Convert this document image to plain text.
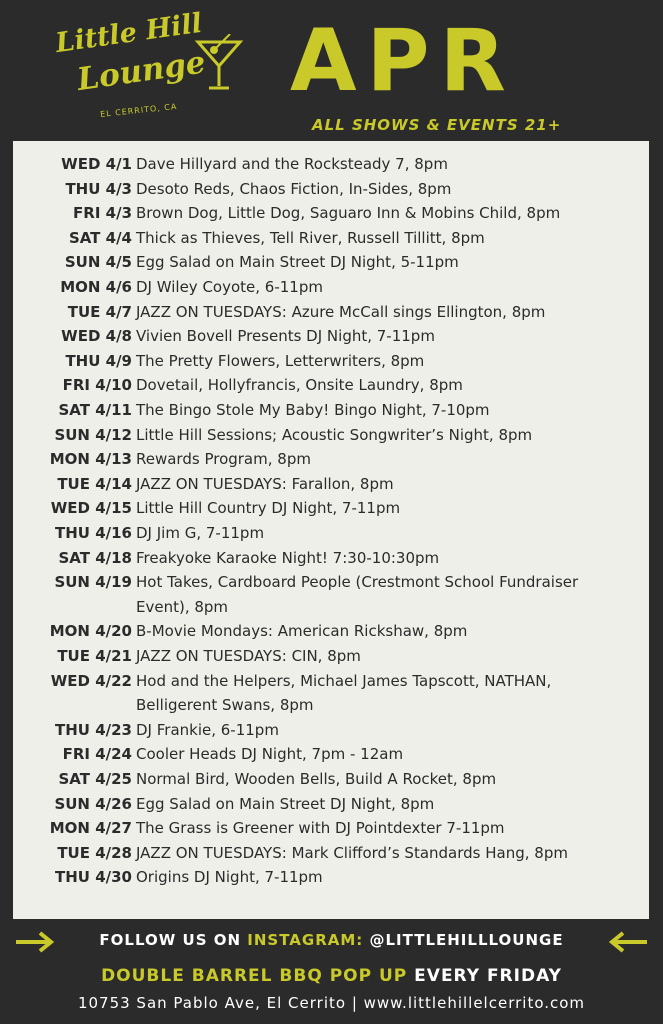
Little Hill
Lounge
EL CERRITO, CA APR
ALL SHOWS & EVENTS 21+
WED 4/1 Dave Hillyard and the Rocksteady 7, 8pm
THU 4/3 Desoto Reds, Chaos Fiction, In-Sides, 8pm
FRI 4/3 Brown Dog, Little Dog, Saguaro Inn & Mobins Child, 8pm
SAT 4/4 Thick as Thieves, Tell River, Russell Tillitt, 8pm
SUN 4/5 Egg Salad on Main Street DJ Night, 5-11pm
MON 4/6 DJ Wiley Coyote, 6-11pm
TUE 4/7 JAZZ ON TUESDAYS: Azure McCall sings Ellington, 8pm
WED 4/8 Vivien Bovell Presents DJ Night, 7-11pm
THU 4/9 The Pretty Flowers, Letterwriters, 8pm
FRI 4/10 Dovetail, Hollyfrancis, Onsite Laundry, 8pm
SAT 4/11 The Bingo Stole My Baby! Bingo Night, 7-10pm
SUN 4/12 Little Hill Sessions; Acoustic Songwriter’s Night, 8pm
MON 4/13 Rewards Program, 8pm
TUE 4/14 JAZZ ON TUESDAYS: Farallon, 8pm
WED 4/15 Little Hill Country DJ Night, 7-11pm
THU 4/16 DJ Jim G, 7-11pm
SAT 4/18 Freakyoke Karaoke Night! 7:30-10:30pm
SUN 4/19 Hot Takes, Cardboard People (Crestmont School Fundraiser Event), 8pm
MON 4/20 B-Movie Mondays: American Rickshaw, 8pm
TUE 4/21 JAZZ ON TUESDAYS: CIN, 8pm
WED 4/22 Hod and the Helpers, Michael James Tapscott, NATHAN, Belligerent Swans, 8pm
THU 4/23 DJ Frankie, 6-11pm
FRI 4/24 Cooler Heads DJ Night, 7pm - 12am
SAT 4/25 Normal Bird, Wooden Bells, Build A Rocket, 8pm
SUN 4/26 Egg Salad on Main Street DJ Night, 8pm
MON 4/27 The Grass is Greener with DJ Pointdexter 7-11pm
TUE 4/28 JAZZ ON TUESDAYS: Mark Clifford’s Standards Hang, 8pm
THU 4/30 Origins DJ Night, 7-11pm
FOLLOW US ON INSTAGRAM: @LITTLEHILLLOUNGE
DOUBLE BARREL BBQ POP UP EVERY FRIDAY
10753 San Pablo Ave, El Cerrito | www.littlehillelcerrito.com
